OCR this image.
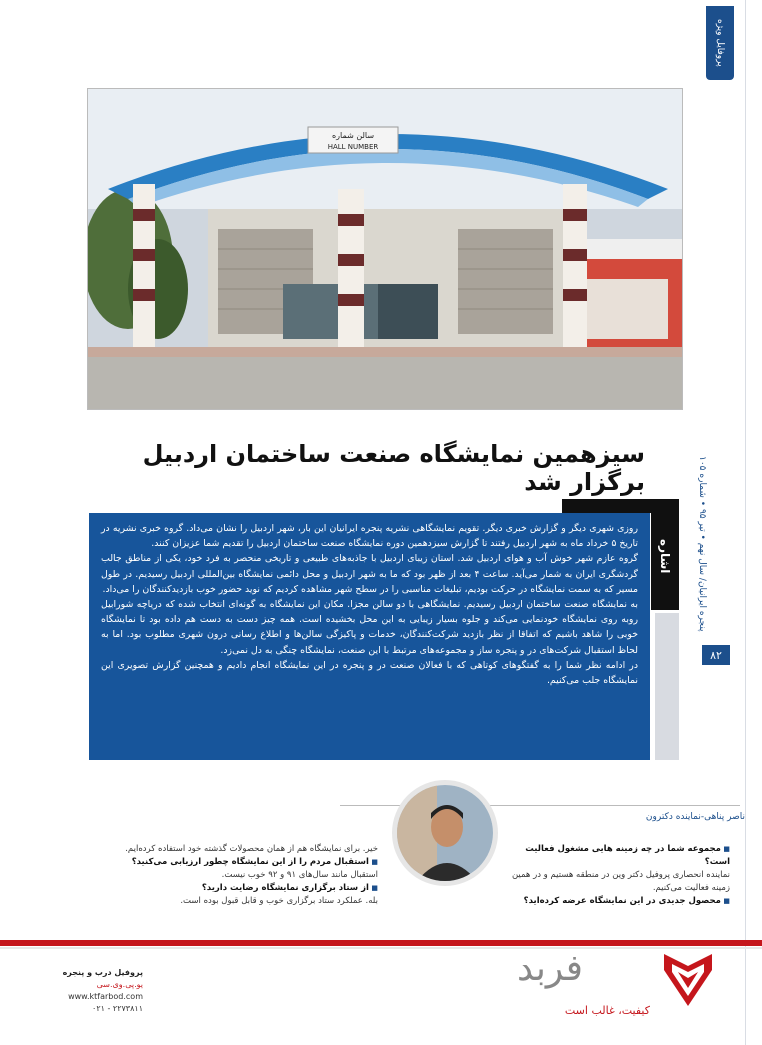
پروفایل ویژه
سالن شماره
HALL NUMBER
سیزهمین نمایشگاه صنعت ساختمان اردبیل برگزار شد
پنجره ایرانیان/ سال نهم • تیر ۹۵ • شماره ۱۰۵
۸۲
اشاره

روزی شهری دیگر و گزارش خبری دیگر. تقویم نمایشگاهی نشریه پنجره ایرانیان این بار، شهر اردبیل را نشان می‌داد. گروه خبری نشریه در تاریخ ۵ خرداد ماه به شهر اردبیل رفتند تا گزارش سیزدهمین دوره نمایشگاه صنعت ساختمان اردبیل را تقدیم شما عزیزان کنند.

گروه عازم شهر خوش آب و هوای اردبیل شد. استان زیبای اردبیل با جاذبه‌های طبیعی و تاریخی منحصر به فرد خود، یکی از مناطق جالب گردشگری ایران به شمار می‌آید. ساعت ۴ بعد از ظهر بود که ما به شهر اردبیل و محل دائمی نمایشگاه بین‌المللی اردبیل رسیدیم. در طول مسیر که به سمت نمایشگاه در حرکت بودیم، تبلیغات مناسبی را در سطح شهر مشاهده کردیم که نوید حضور خوب بازدیدکنندگان را می‌داد.

به نمایشگاه صنعت ساختمان اردبیل رسیدیم. نمایشگاهی با دو سالن مجزا. مکان این نمایشگاه به گونه‌ای انتخاب شده که دریاچه شورابیل روبه روی نمایشگاه خودنمایی می‌کند و جلوه بسیار زیبایی به این محل بخشیده است. همه چیز دست به دست هم داده بود تا نمایشگاه خوبی را شاهد باشیم که اتفاقا از نظر بازدید شرکت‌کنندگان، خدمات و پاکیزگی سالن‌ها و اطلاع رسانی درون شهری مطلوب بود. اما به لحاظ استقبال شرکت‌های در و پنجره ساز و مجموعه‌های مرتبط با این صنعت، نمایشگاه چنگی به دل نمی‌زد.

در ادامه نظر شما را به گفتگوهای کوتاهی که با فعالان صنعت در و پنجره در این نمایشگاه انجام دادیم و همچنین گزارش تصویری این نمایشگاه جلب می‌کنیم.

ناصر پناهی-نماینده دکترون
■ مجموعه شما در چه زمینه هایی مشغول فعالیت است؟
نماینده انحصاری پروفیل دکتر وین در منطقه هستیم و در همین زمینه فعالیت می‌کنیم.
■ محصول جدیدی در این نمایشگاه عرضه کرده‌اید؟
خیر. برای نمایشگاه هم از همان محصولات گذشته خود استفاده کرده‌ایم.
■ استقبال مردم را از این نمایشگاه چطور ارزیابی می‌کنید؟
استقبال مانند سال‌های ۹۱ و ۹۲ خوب نیست.
■ از ستاد برگزاری نمایشگاه رضایت دارید؟
بله. عملکرد ستاد برگزاری خوب و قابل قبول بوده است.
فربد
کیفیت، غالب است
پروفیل درب و پنجره
یو.پی.وی.سی
www.ktfarbod.com
۰۲۱ - ۲۲۷۳۸۱۱
